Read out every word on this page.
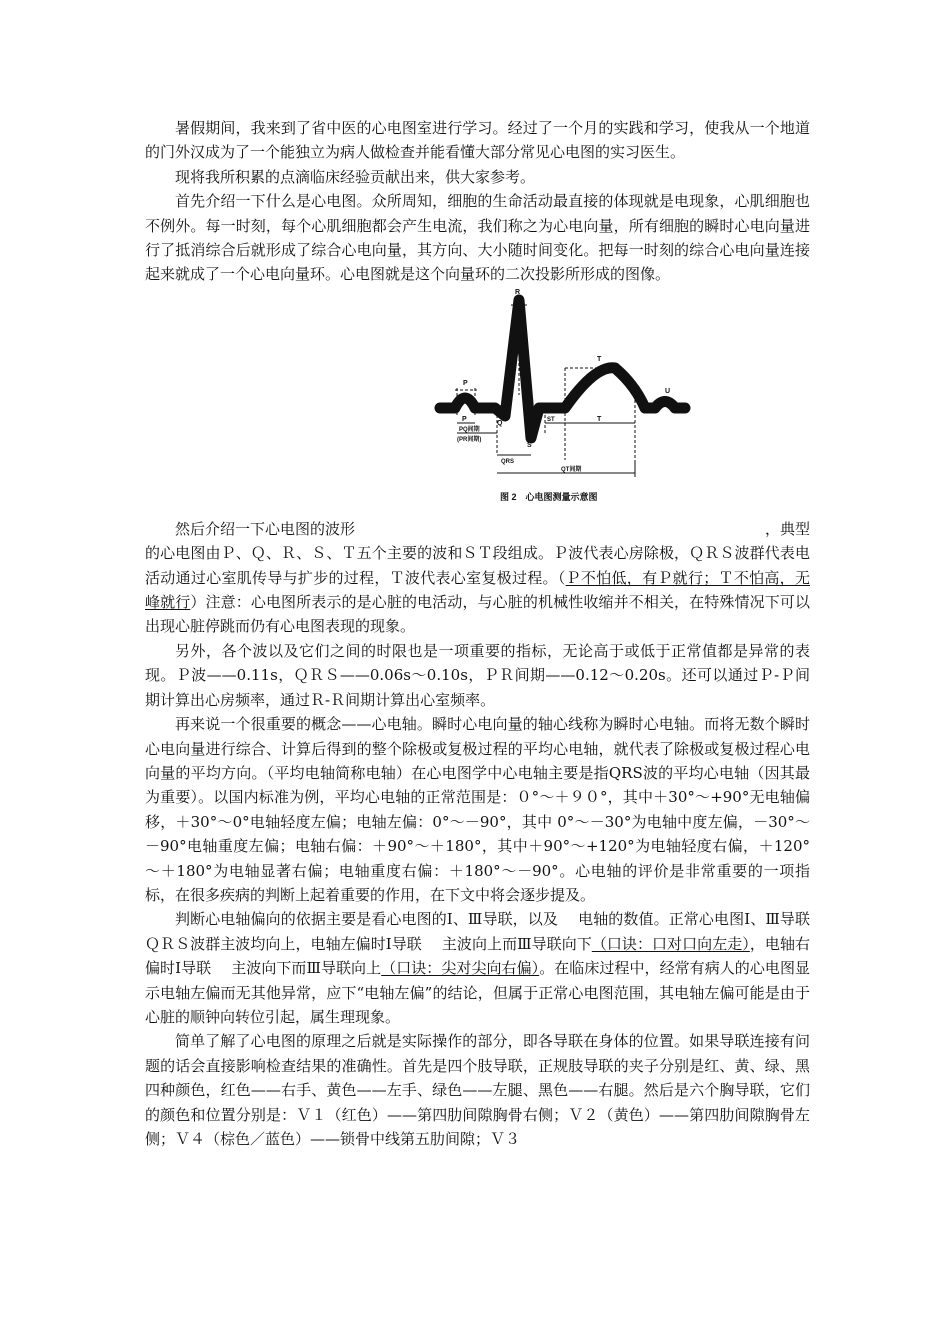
暑假期间，我来到了省中医的心电图室进行学习。经过了一个月的实践和学习，使我从一个地道的门外汉成为了一个能独立为病人做检查并能看懂大部分常见心电图的实习医生。

现将我所积累的点滴临床经验贡献出来，供大家参考。

首先介绍一下什么是心电图。众所周知，细胞的生命活动最直接的体现就是电现象，心肌细胞也不例外。每一时刻，每个心肌细胞都会产生电流，我们称之为心电向量，所有细胞的瞬时心电向量进行了抵消综合后就形成了综合心电向量，其方向、大小随时间变化。把每一时刻的综合心电向量连接起来就成了一个心电向量环。心电图就是这个向量环的二次投影所形成的图像。

R
R
P
P
T
T
U
Q
S
PQ间期
(PR间期)
ST
QRS
QT间期
图 2　心电图测量示意图
然后介绍一下心电图的波形	，典型

的心电图由Ｐ、Ｑ、Ｒ、Ｓ、Ｔ五个主要的波和ＳＴ段组成。Ｐ波代表心房除极，ＱＲＳ波群代表电活动通过心室肌传导与扩步的过程，Ｔ波代表心室复极过程。（Ｐ不怕低，有Ｐ就行；Ｔ不怕高，无峰就行）注意：心电图所表示的是心脏的电活动，与心脏的机械性收缩并不相关，在特殊情况下可以出现心脏停跳而仍有心电图表现的现象。

另外，各个波以及它们之间的时限也是一项重要的指标，无论高于或低于正常值都是异常的表现。Ｐ波——0.11s，ＱＲＳ——0.06s～0.10s，ＰＲ间期——0.12～0.20s。还可以通过Ｐ-Ｐ间期计算出心房频率，通过Ｒ-Ｒ间期计算出心室频率。

再来说一个很重要的概念——心电轴。瞬时心电向量的轴心线称为瞬时心电轴。而将无数个瞬时心电向量进行综合、计算后得到的整个除极或复极过程的平均心电轴，就代表了除极或复极过程心电向量的平均方向。（平均电轴简称电轴）在心电图学中心电轴主要是指QRS波的平均心电轴（因其最为重要）。以国内标准为例，平均心电轴的正常范围是：０°～＋９０°，其中＋30°～+90°无电轴偏移，＋30°～0°电轴轻度左偏；电轴左偏：0°～－90°，其中 0°～－30°为电轴中度左偏，－30°～－90°电轴重度左偏；电轴右偏：＋90°～＋180°，其中＋90°～+120°为电轴轻度右偏，＋120°～＋180°为电轴显著右偏；电轴重度右偏：＋180°～－90°。心电轴的评价是非常重要的一项指标，在很多疾病的判断上起着重要的作用，在下文中将会逐步提及。

判断心电轴偏向的依据主要是看心电图的Ⅰ、Ⅲ导联，以及 电轴的数值。正常心电图Ⅰ、Ⅲ导联ＱＲＳ波群主波均向上，电轴左偏时Ⅰ导联 主波向上而Ⅲ导联向下（口诀：口对口向左走），电轴右偏时Ⅰ导联 主波向下而Ⅲ导联向上（口诀：尖对尖向右偏）。在临床过程中，经常有病人的心电图显示电轴左偏而无其他异常，应下“电轴左偏”的结论，但属于正常心电图范围，其电轴左偏可能是由于心脏的顺钟向转位引起，属生理现象。

简单了解了心电图的原理之后就是实际操作的部分，即各导联在身体的位置。如果导联连接有问题的话会直接影响检查结果的准确性。首先是四个肢导联，正规肢导联的夹子分别是红、黄、绿、黑四种颜色，红色——右手、黄色——左手、绿色——左腿、黑色——右腿。然后是六个胸导联，它们的颜色和位置分别是：Ｖ１（红色）——第四肋间隙胸骨右侧；Ｖ２（黄色）——第四肋间隙胸骨左侧；Ｖ４（棕色／蓝色）——锁骨中线第五肋间隙；Ｖ３
